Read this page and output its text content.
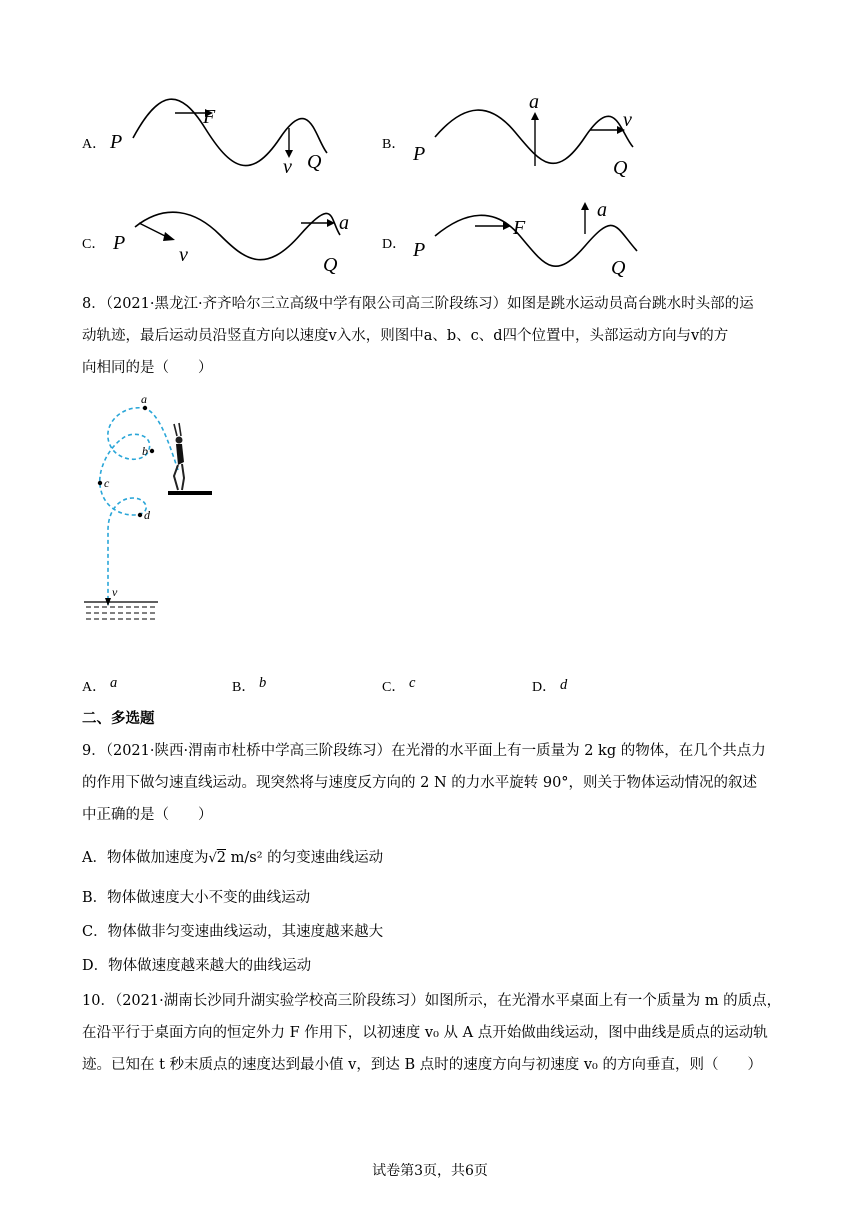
A． P
F
v Q
B． P
a
v
Q
C． P
v
a
Q
D． P
F
a
Q
8．（2021·黑龙江·齐齐哈尔三立高级中学有限公司高三阶段练习）如图是跳水运动员高台跳水时头部的运
动轨迹，最后运动员沿竖直方向以速度v入水，则图中a、b、c、d四个位置中，头部运动方向与v的方
向相同的是（　　）
a
b
c
d
v
A． a	B． b	C． c	D． d
二、多选题
9．（2021·陕西·渭南市杜桥中学高三阶段练习）在光滑的水平面上有一质量为 2 kg 的物体，在几个共点力
的作用下做匀速直线运动。现突然将与速度反方向的 2 N 的力水平旋转 90°，则关于物体运动情况的叙述
中正确的是（　　）
A．物体做加速度为√2 m/s² 的匀变速曲线运动
B．物体做速度大小不变的曲线运动
C．物体做非匀变速曲线运动，其速度越来越大
D．物体做速度越来越大的曲线运动
10．（2021·湖南长沙同升湖实验学校高三阶段练习）如图所示，在光滑水平桌面上有一个质量为 m 的质点，
在沿平行于桌面方向的恒定外力 F 作用下，以初速度 v₀ 从 A 点开始做曲线运动，图中曲线是质点的运动轨
迹。已知在 t 秒末质点的速度达到最小值 v，到达 B 点时的速度方向与初速度 v₀ 的方向垂直，则（　　）
试卷第3页，共6页
